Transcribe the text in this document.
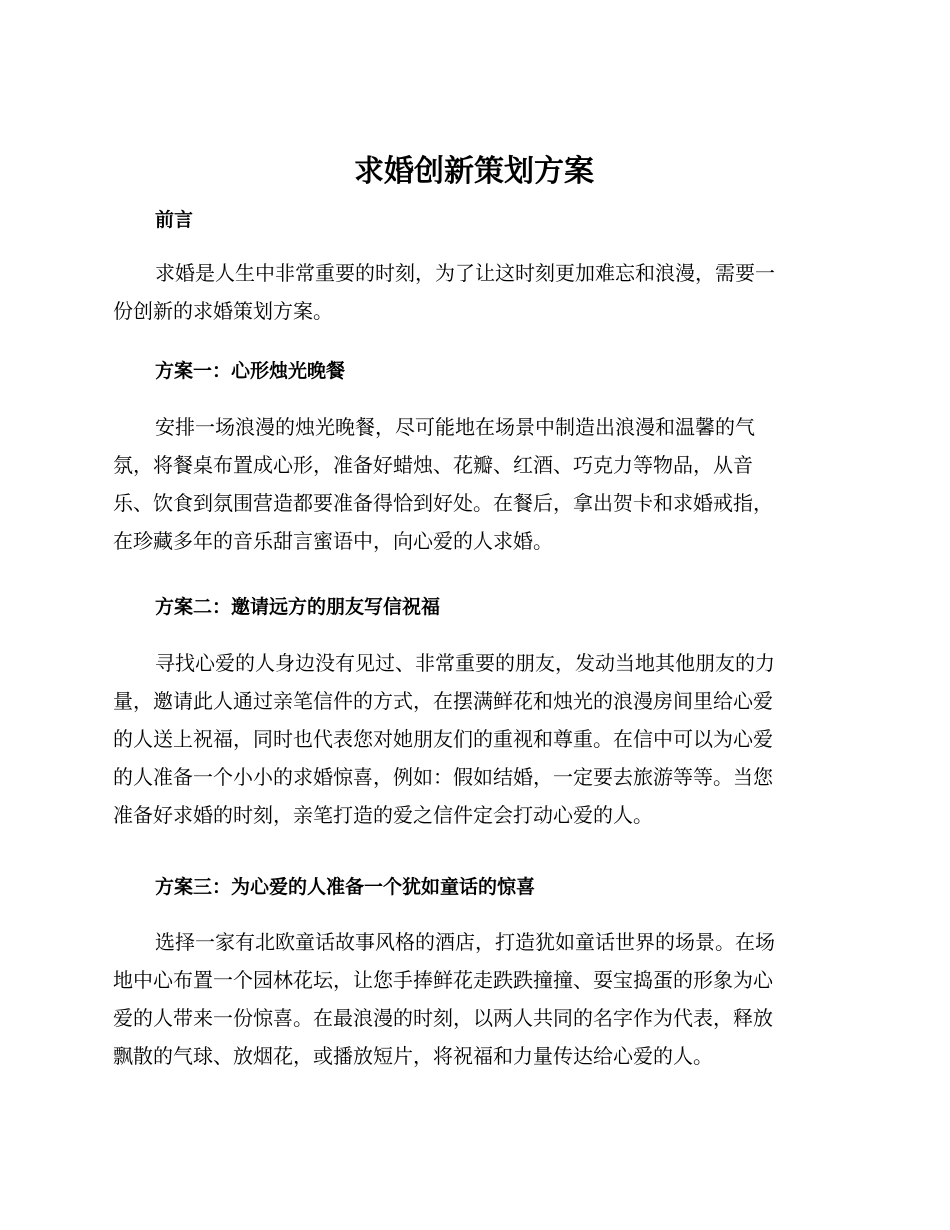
求婚创新策划方案
前言
求婚是人生中非常重要的时刻，为了让这时刻更加难忘和浪漫，需要一
份创新的求婚策划方案。
方案一：心形烛光晚餐
安排一场浪漫的烛光晚餐，尽可能地在场景中制造出浪漫和温馨的气
氛，将餐桌布置成心形，准备好蜡烛、花瓣、红酒、巧克力等物品，从音
乐、饮食到氛围营造都要准备得恰到好处。在餐后，拿出贺卡和求婚戒指，
在珍藏多年的音乐甜言蜜语中，向心爱的人求婚。
方案二：邀请远方的朋友写信祝福
寻找心爱的人身边没有见过、非常重要的朋友，发动当地其他朋友的力
量，邀请此人通过亲笔信件的方式，在摆满鲜花和烛光的浪漫房间里给心爱
的人送上祝福，同时也代表您对她朋友们的重视和尊重。在信中可以为心爱
的人准备一个小小的求婚惊喜，例如：假如结婚，一定要去旅游等等。当您
准备好求婚的时刻，亲笔打造的爱之信件定会打动心爱的人。
方案三：为心爱的人准备一个犹如童话的惊喜
选择一家有北欧童话故事风格的酒店，打造犹如童话世界的场景。在场
地中心布置一个园林花坛，让您手捧鲜花走跌跌撞撞、耍宝捣蛋的形象为心
爱的人带来一份惊喜。在最浪漫的时刻，以两人共同的名字作为代表，释放
飘散的气球、放烟花，或播放短片，将祝福和力量传达给心爱的人。
